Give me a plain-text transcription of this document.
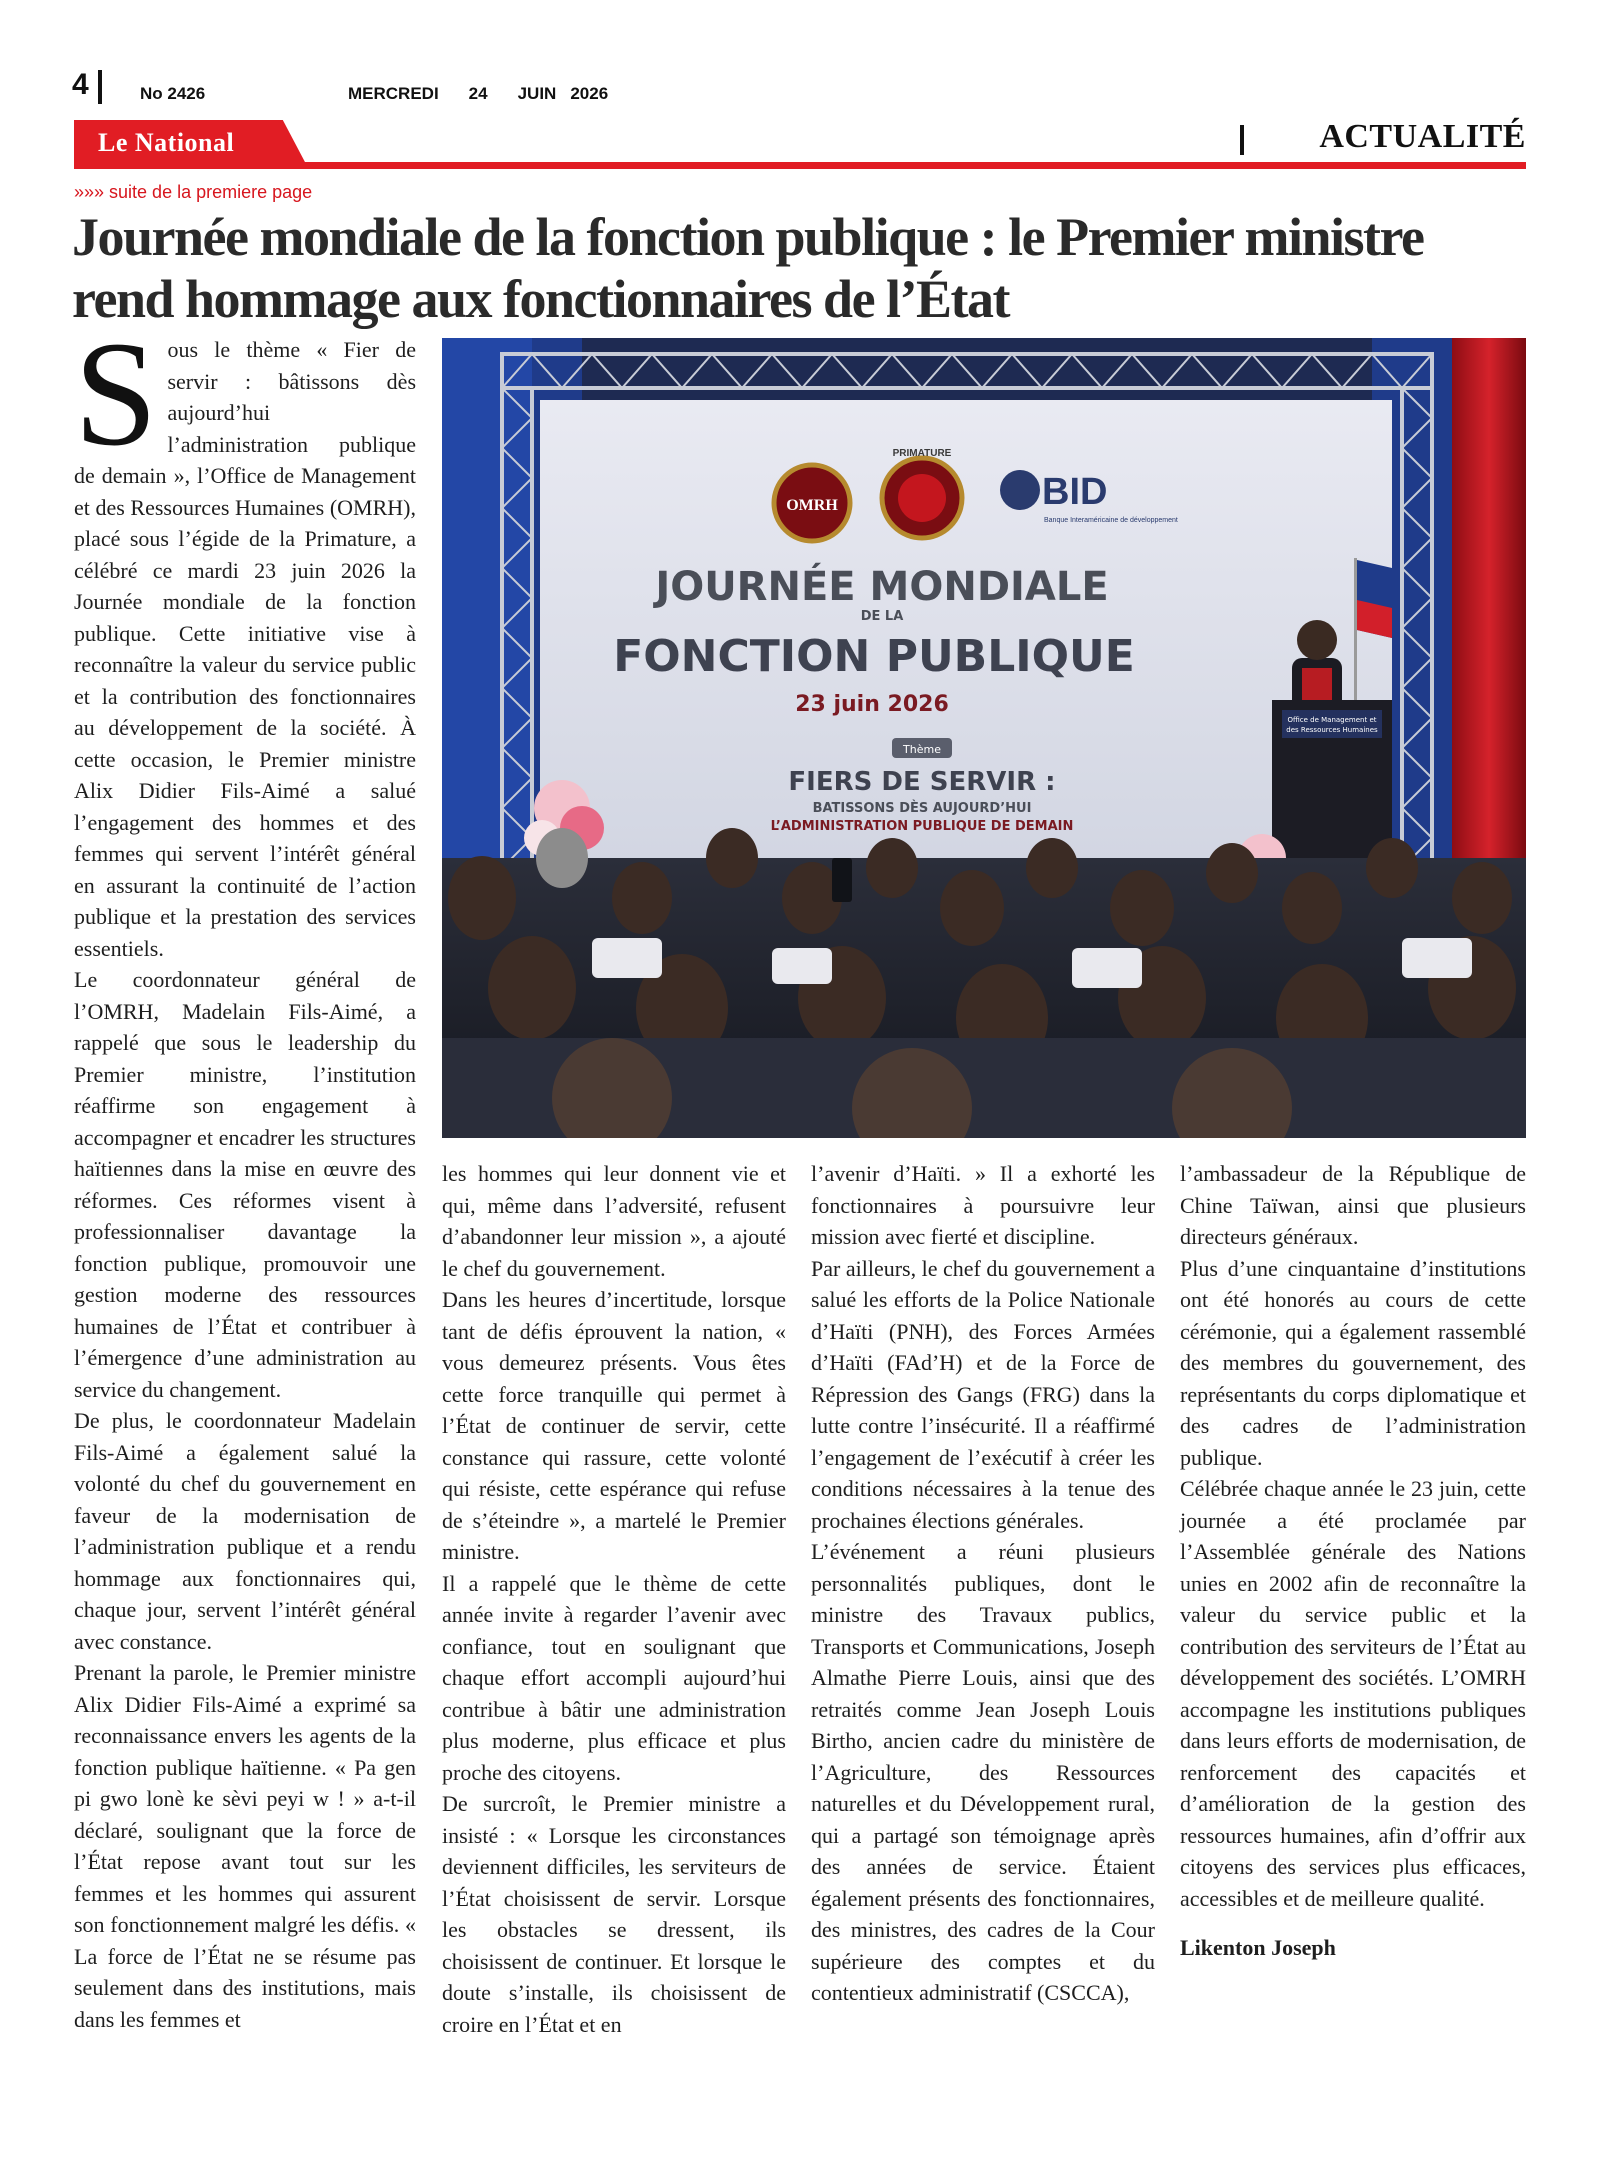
4	No 2426	MERCREDI 24 JUIN 2026
Le National	ACTUALITÉ
»»» suite de la premiere page
Journée mondiale de la fonction publique : le Premier ministre rend hommage aux fonctionnaires de l’État
OMRH
PRIMATURE
BID
Banque Interaméricaine de développement
JOURNÉE MONDIALE
DE LA
FONCTION PUBLIQUE
23 juin 2026
Thème
FIERS DE SERVIR :
BATISSONS DÈS AUJOURD’HUI
L’ADMINISTRATION PUBLIQUE DE DEMAIN
Office de Management et
des Ressources Humaines

Sous le thème « Fier de servir : bâtissons dès aujourd’hui l’administration publique de demain », l’Office de Management et des Ressources Humaines (OMRH), placé sous l’égide de la Primature, a célébré ce mardi 23 juin 2026 la Journée mondiale de la fonction publique. Cette initiative vise à reconnaître la valeur du service public et la contribution des fonctionnaires au développement de la société. À cette occasion, le Premier ministre Alix Didier Fils-Aimé a salué l’engagement des hommes et des femmes qui servent l’intérêt général en assurant la continuité de l’action publique et la prestation des services essentiels.

Le coordonnateur général de l’OMRH, Madelain Fils-Aimé, a rappelé que sous le leadership du Premier ministre, l’institution réaffirme son engagement à accompagner et encadrer les structures haïtiennes dans la mise en œuvre des réformes. Ces réformes visent à professionnaliser davantage la fonction publique, promouvoir une gestion moderne des ressources humaines de l’État et contribuer à l’émergence d’une administration au service du changement.

De plus, le coordonnateur Madelain Fils-Aimé a également salué la volonté du chef du gouvernement en faveur de la modernisation de l’administration publique et a rendu hommage aux fonctionnaires qui, chaque jour, servent l’intérêt général avec constance.

Prenant la parole, le Premier ministre Alix Didier Fils-Aimé a exprimé sa reconnaissance envers les agents de la fonction publique haïtienne. « Pa gen pi gwo lonè ke sèvi peyi w ! » a-t-il déclaré, soulignant que la force de l’État repose avant tout sur les femmes et les hommes qui assurent son fonctionnement malgré les défis. « La force de l’État ne se résume pas seulement dans des institutions, mais dans les femmes et

les hommes qui leur donnent vie et qui, même dans l’adversité, refusent d’abandonner leur mission », a ajouté le chef du gouvernement.

Dans les heures d’incertitude, lorsque tant de défis éprouvent la nation, « vous demeurez présents. Vous êtes cette force tranquille qui permet à l’État de continuer de servir, cette constance qui rassure, cette volonté qui résiste, cette espérance qui refuse de s’éteindre », a martelé le Premier ministre.

Il a rappelé que le thème de cette année invite à regarder l’avenir avec confiance, tout en soulignant que chaque effort accompli aujourd’hui contribue à bâtir une administration plus moderne, plus efficace et plus proche des citoyens.

De surcroît, le Premier ministre a insisté : « Lorsque les circonstances deviennent difficiles, les serviteurs de l’État choisissent de servir. Lorsque les obstacles se dressent, ils choisissent de continuer. Et lorsque le doute s’installe, ils choisissent de croire en l’État et en

l’avenir d’Haïti. » Il a exhorté les fonctionnaires à poursuivre leur mission avec fierté et discipline.

Par ailleurs, le chef du gouvernement a salué les efforts de la Police Nationale d’Haïti (PNH), des Forces Armées d’Haïti (FAd’H) et de la Force de Répression des Gangs (FRG) dans la lutte contre l’insécurité. Il a réaffirmé l’engagement de l’exécutif à créer les conditions nécessaires à la tenue des prochaines élections générales.

L’événement a réuni plusieurs personnalités publiques, dont le ministre des Travaux publics, Transports et Communications, Joseph Almathe Pierre Louis, ainsi que des retraités comme Jean Joseph Louis Birtho, ancien cadre du ministère de l’Agriculture, des Ressources naturelles et du Développement rural, qui a partagé son témoignage après des années de service. Étaient également présents des fonctionnaires, des ministres, des cadres de la Cour supérieure des comptes et du contentieux administratif (CSCCA),

l’ambassadeur de la République de Chine Taïwan, ainsi que plusieurs directeurs généraux.

Plus d’une cinquantaine d’institutions ont été honorés au cours de cette cérémonie, qui a également rassemblé des membres du gouvernement, des représentants du corps diplomatique et des cadres de l’administration publique.

Célébrée chaque année le 23 juin, cette journée a été proclamée par l’Assemblée générale des Nations unies en 2002 afin de reconnaître la valeur du service public et la contribution des serviteurs de l’État au développement des sociétés. L’OMRH accompagne les institutions publiques dans leurs efforts de modernisation, de renforcement des capacités et d’amélioration de la gestion des ressources humaines, afin d’offrir aux citoyens des services plus efficaces, accessibles et de meilleure qualité.

Likenton Joseph
